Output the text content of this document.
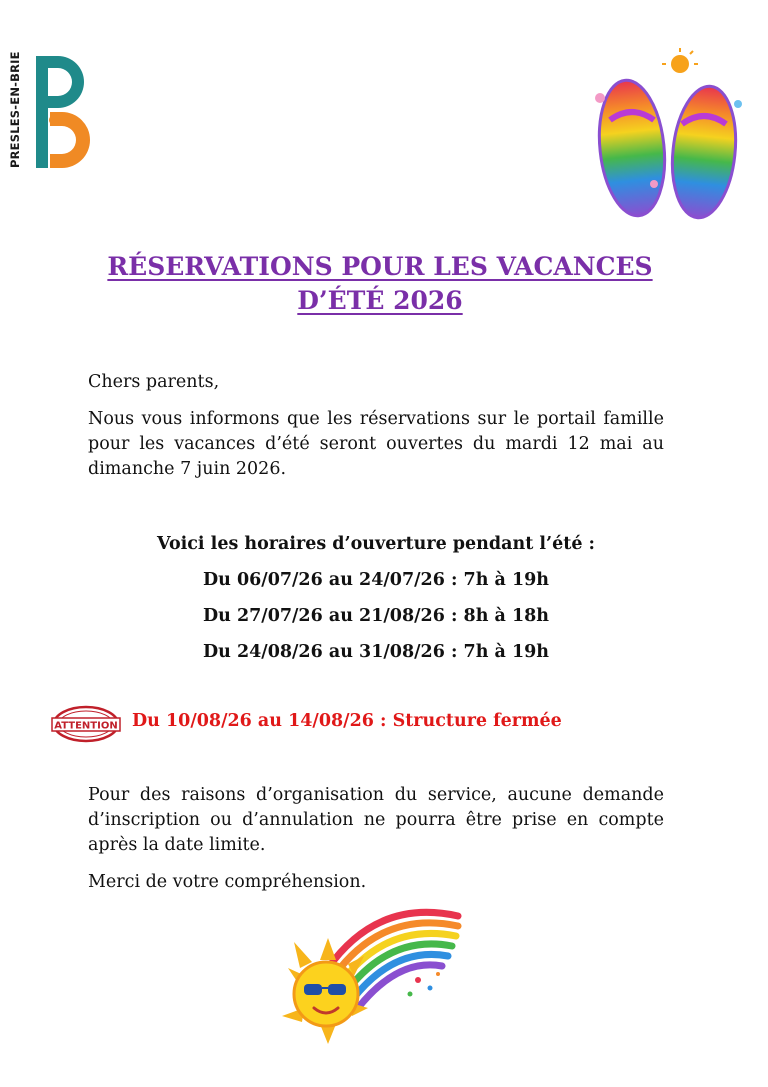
PRESLES-EN-BRIE
RÉSERVATIONS POUR LES VACANCES
D’ÉTÉ 2026
Chers parents,
Nous vous informons que les réservations sur le portail famille pour les vacances d’été seront ouvertes du mardi 12 mai au dimanche 7 juin 2026.
Voici les horaires d’ouverture pendant l’été :
Du 06/07/26 au 24/07/26 : 7h à 19h
Du 27/07/26 au 21/08/26 : 8h à 18h
Du 24/08/26 au 31/08/26 : 7h à 19h
ATTENTION Du 10/08/26 au 14/08/26 : Structure fermée
Pour des raisons d’organisation du service, aucune demande d’inscription ou d’annulation ne pourra être prise en compte après la date limite.
Merci de votre compréhension.
